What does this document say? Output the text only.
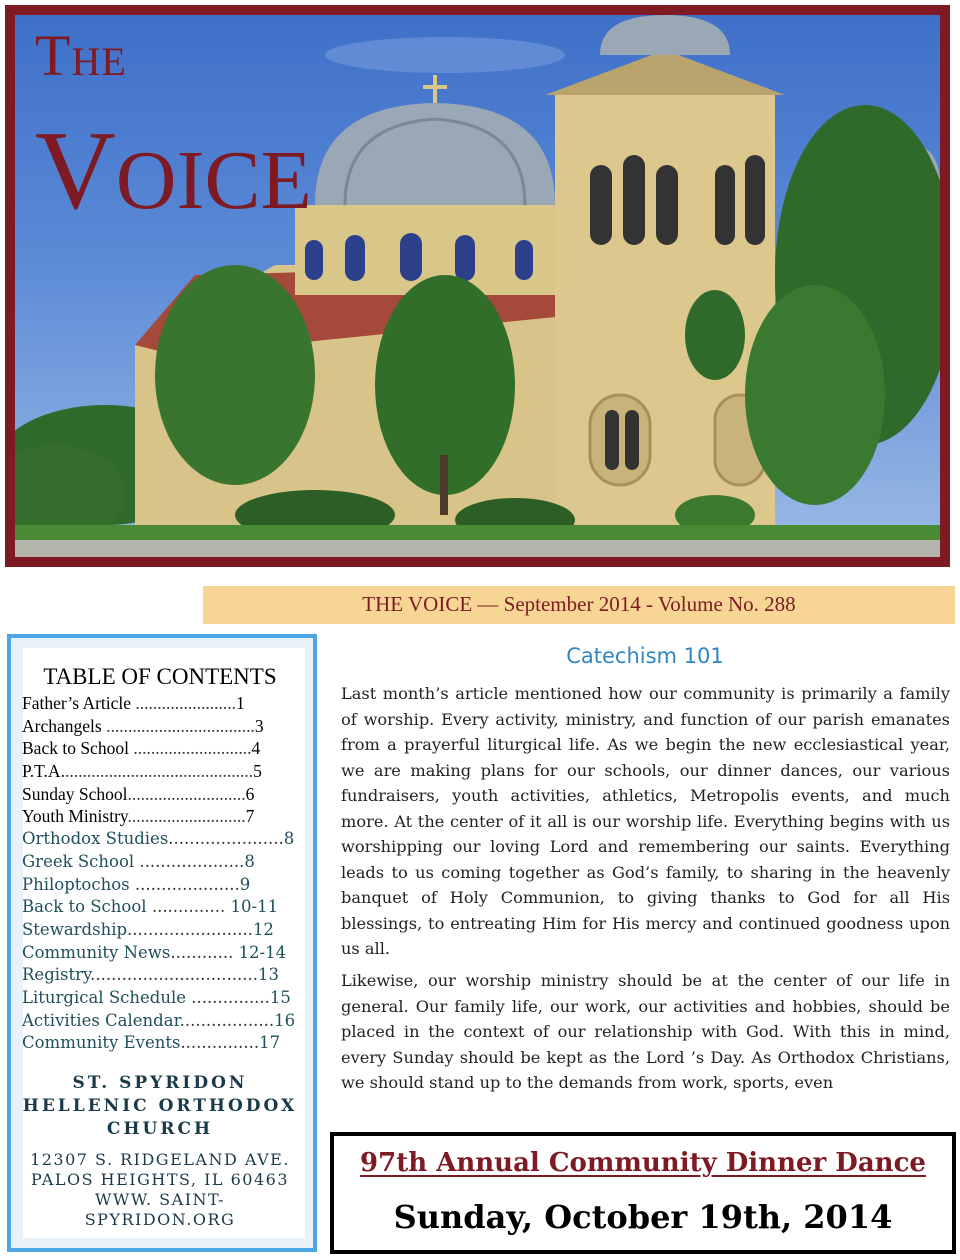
THE
VOICE
THE VOICE — September 2014 - Volume No. 288
TABLE OF CONTENTS
Father’s Article .......................1
Archangels ..................................3
Back to School ...........................4
P.T.A............................................5
Sunday School...........................6
Youth Ministry...........................7
Orthodox Studies......................8
Greek School ....................8
Philoptochos ....................9
Back to School .............. 10-11
Stewardship........................12
Community News............ 12-14
Registry................................13
Liturgical Schedule ...............15
Activities Calendar..................16
Community Events...............17
ST. SPYRIDON
HELLENIC ORTHODOX
CHURCH
12307 S. RIDGELAND AVE.
PALOS HEIGHTS, IL 60463
WWW. SAINT-
SPYRIDON.ORG
Catechism 101

Last month’s article mentioned how our community is primarily a family of worship. Every activity, ministry, and function of our parish emanates from a prayerful liturgical life. As we begin the new ecclesiastical year, we are making plans for our schools, our dinner dances, our various fundraisers, youth activities, athletics, Metropolis events, and much more. At the center of it all is our worship life. Everything begins with us worshipping our loving Lord and remembering our saints. Everything leads to us coming together as God’s family, to sharing in the heavenly banquet of Holy Communion, to giving thanks to God for all His blessings, to entreating Him for His mercy and continued goodness upon us all.

Likewise, our worship ministry should be at the center of our life in general. Our family life, our work, our activities and hobbies, should be placed in the context of our relationship with God. With this in mind, every Sunday should be kept as the Lord ’s Day. As Orthodox Christians, we should stand up to the demands from work, sports, even

97th Annual Community Dinner Dance
Sunday, October 19th, 2014
